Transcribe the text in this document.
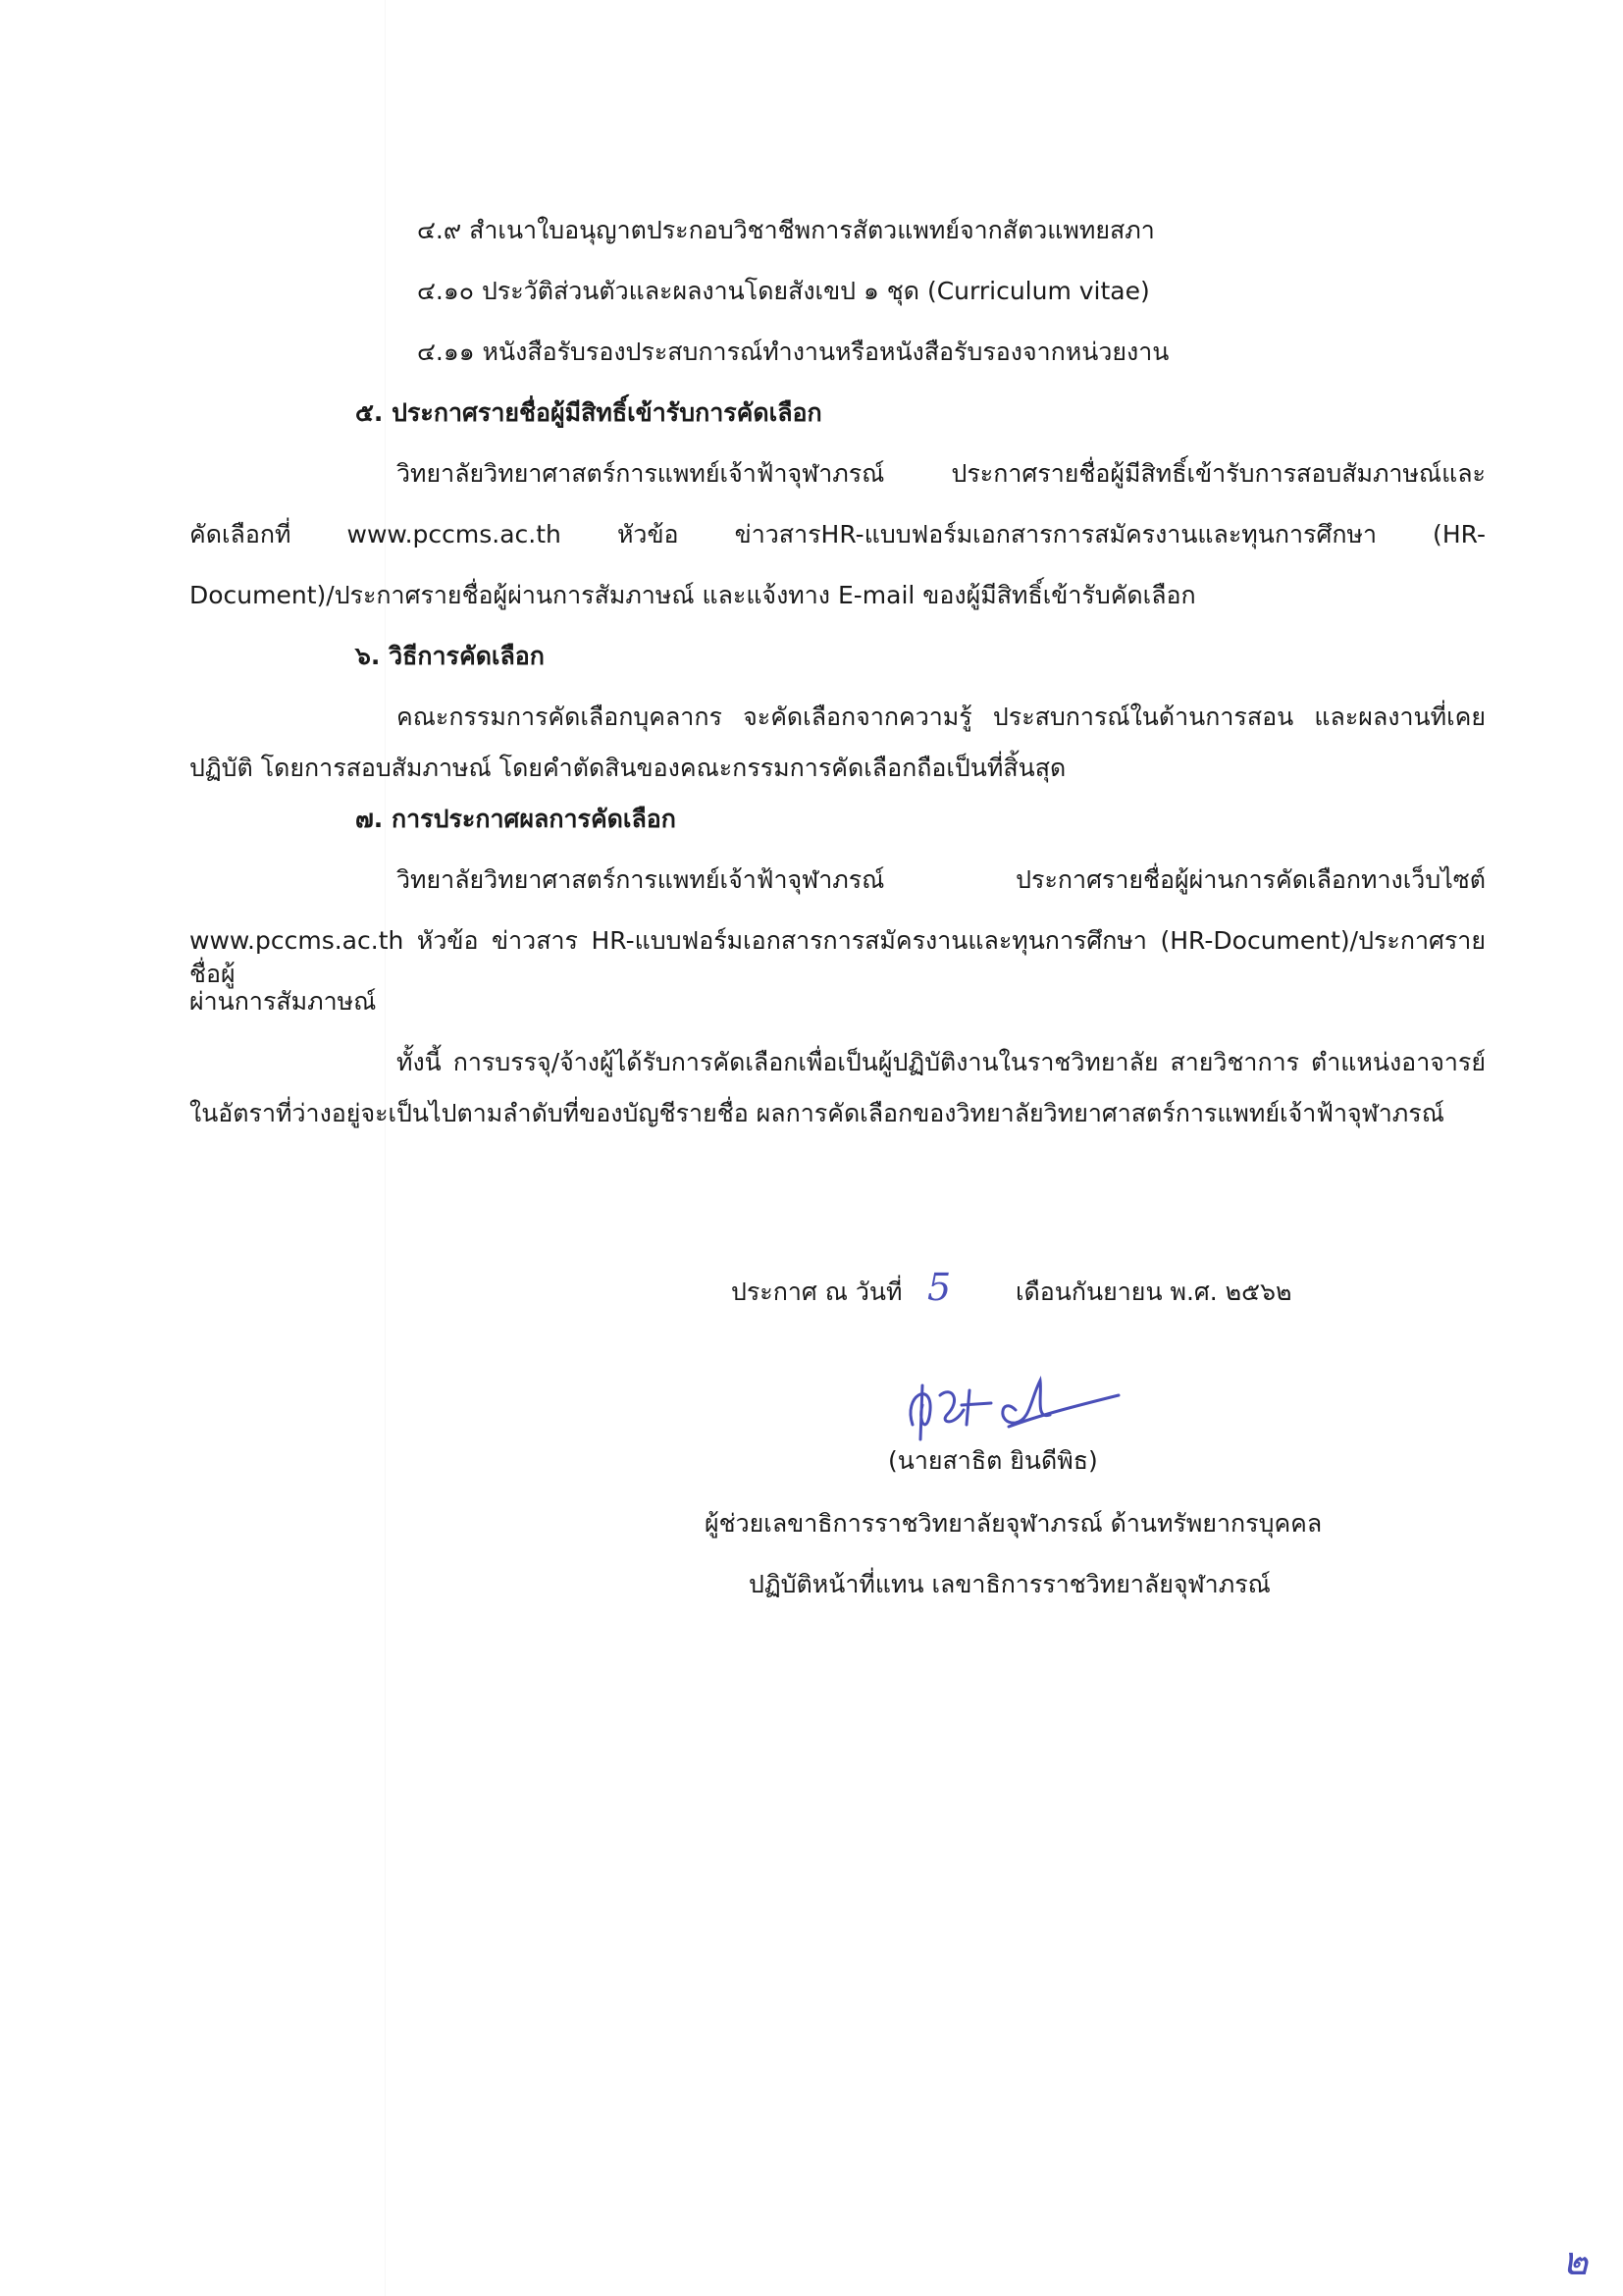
๔.๙ สำเนาใบอนุญาตประกอบวิชาชีพการสัตวแพทย์จากสัตวแพทยสภา

๔.๑๐ ประวัติส่วนตัวและผลงานโดยสังเขป ๑ ชุด (Curriculum vitae)

๔.๑๑ หนังสือรับรองประสบการณ์ทำงานหรือหนังสือรับรองจากหน่วยงาน

๕. ประกาศรายชื่อผู้มีสิทธิ์เข้ารับการคัดเลือก

วิทยาลัยวิทยาศาสตร์การแพทย์เจ้าฟ้าจุฬาภรณ์ ประกาศรายชื่อผู้มีสิทธิ์เข้ารับการสอบสัมภาษณ์และ

คัดเลือกที่ www.pccms.ac.th หัวข้อ ข่าวสารHR-แบบฟอร์มเอกสารการสมัครงานและทุนการศึกษา (HR-

Document)/ประกาศรายชื่อผู้ผ่านการสัมภาษณ์ และแจ้งทาง E-mail ของผู้มีสิทธิ์เข้ารับคัดเลือก

๖. วิธีการคัดเลือก

คณะกรรมการคัดเลือกบุคลากร จะคัดเลือกจากความรู้ ประสบการณ์ในด้านการสอน และผลงานที่เคย

ปฏิบัติ โดยการสอบสัมภาษณ์ โดยคำตัดสินของคณะกรรมการคัดเลือกถือเป็นที่สิ้นสุด

๗. การประกาศผลการคัดเลือก

วิทยาลัยวิทยาศาสตร์การแพทย์เจ้าฟ้าจุฬาภรณ์ ประกาศรายชื่อผู้ผ่านการคัดเลือกทางเว็บไซต์

www.pccms.ac.th หัวข้อ ข่าวสาร HR-แบบฟอร์มเอกสารการสมัครงานและทุนการศึกษา (HR-Document)/ประกาศรายชื่อผู้

ผ่านการสัมภาษณ์

ทั้งนี้ การบรรจุ/จ้างผู้ได้รับการคัดเลือกเพื่อเป็นผู้ปฏิบัติงานในราชวิทยาลัย สายวิชาการ ตำแหน่งอาจารย์

ในอัตราที่ว่างอยู่จะเป็นไปตามลำดับที่ของบัญชีรายชื่อ ผลการคัดเลือกของวิทยาลัยวิทยาศาสตร์การแพทย์เจ้าฟ้าจุฬาภรณ์

ประกาศ ณ วันที่ 5	เดือนกันยายน พ.ศ. ๒๕๖๒

(นายสาธิต ยินดีพิธ)

ผู้ช่วยเลขาธิการราชวิทยาลัยจุฬาภรณ์ ด้านทรัพยากรบุคคล

ปฏิบัติหน้าที่แทน เลขาธิการราชวิทยาลัยจุฬาภรณ์

๒
